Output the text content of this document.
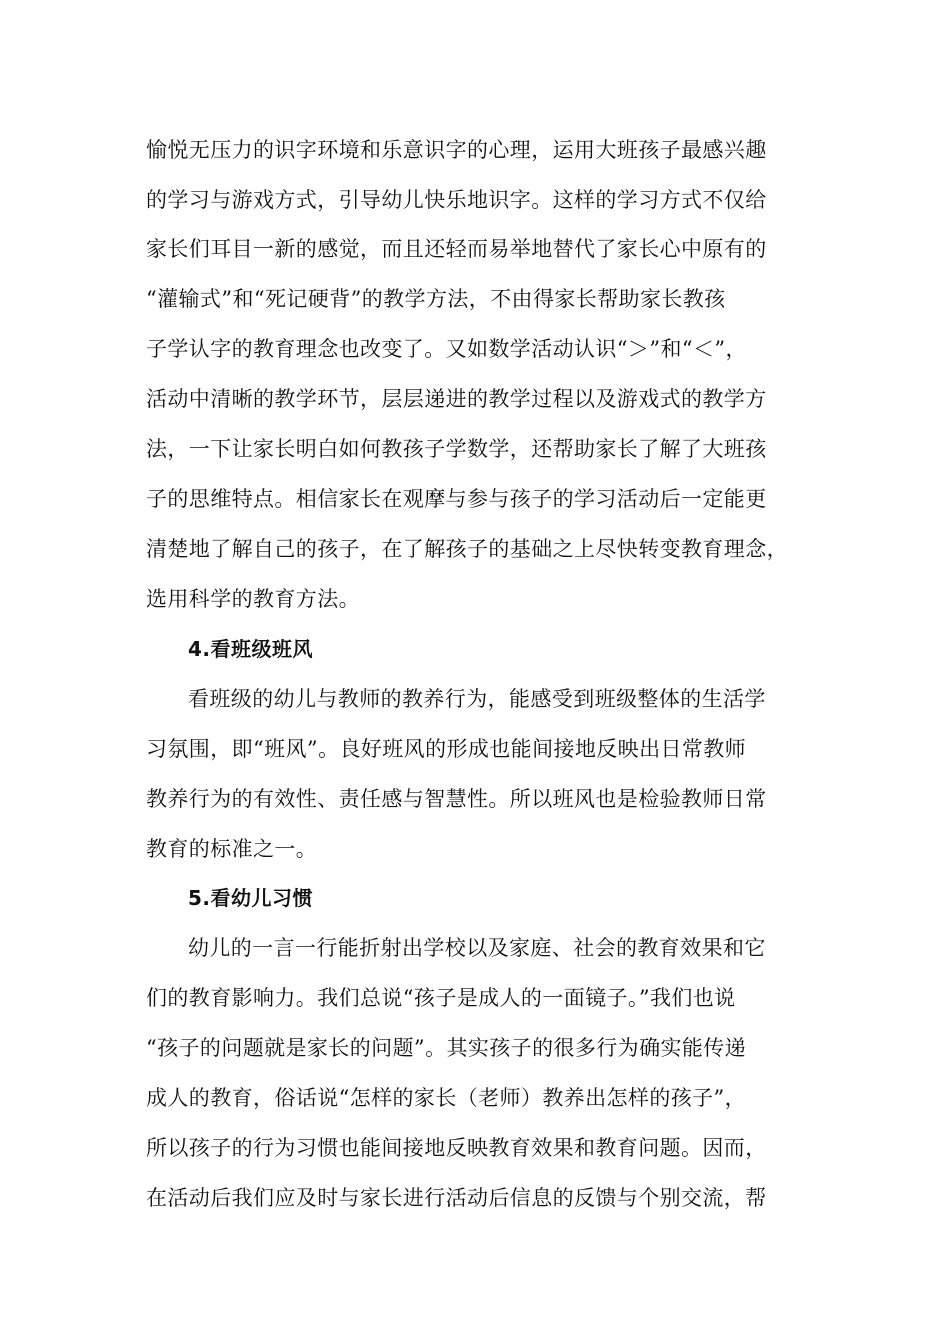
愉悦无压力的识字环境和乐意识字的心理，运用大班孩子最感兴趣
的学习与游戏方式，引导幼儿快乐地识字。这样的学习方式不仅给
家长们耳目一新的感觉，而且还轻而易举地替代了家长心中原有的
“灌输式”和“死记硬背”的教学方法，不由得家长帮助家长教孩
子学认字的教育理念也改变了。又如数学活动认识“＞”和“＜”，
活动中清晰的教学环节，层层递进的教学过程以及游戏式的教学方
法，一下让家长明白如何教孩子学数学，还帮助家长了解了大班孩
子的思维特点。相信家长在观摩与参与孩子的学习活动后一定能更
清楚地了解自己的孩子，在了解孩子的基础之上尽快转变教育理念，
选用科学的教育方法。
4.看班级班风
看班级的幼儿与教师的教养行为，能感受到班级整体的生活学
习氛围，即“班风”。良好班风的形成也能间接地反映出日常教师
教养行为的有效性、责任感与智慧性。所以班风也是检验教师日常
教育的标准之一。
5.看幼儿习惯
幼儿的一言一行能折射出学校以及家庭、社会的教育效果和它
们的教育影响力。我们总说“孩子是成人的一面镜子。”我们也说
“孩子的问题就是家长的问题”。其实孩子的很多行为确实能传递
成人的教育，俗话说“怎样的家长（老师）教养出怎样的孩子”，
所以孩子的行为习惯也能间接地反映教育效果和教育问题。因而，
在活动后我们应及时与家长进行活动后信息的反馈与个别交流，帮
